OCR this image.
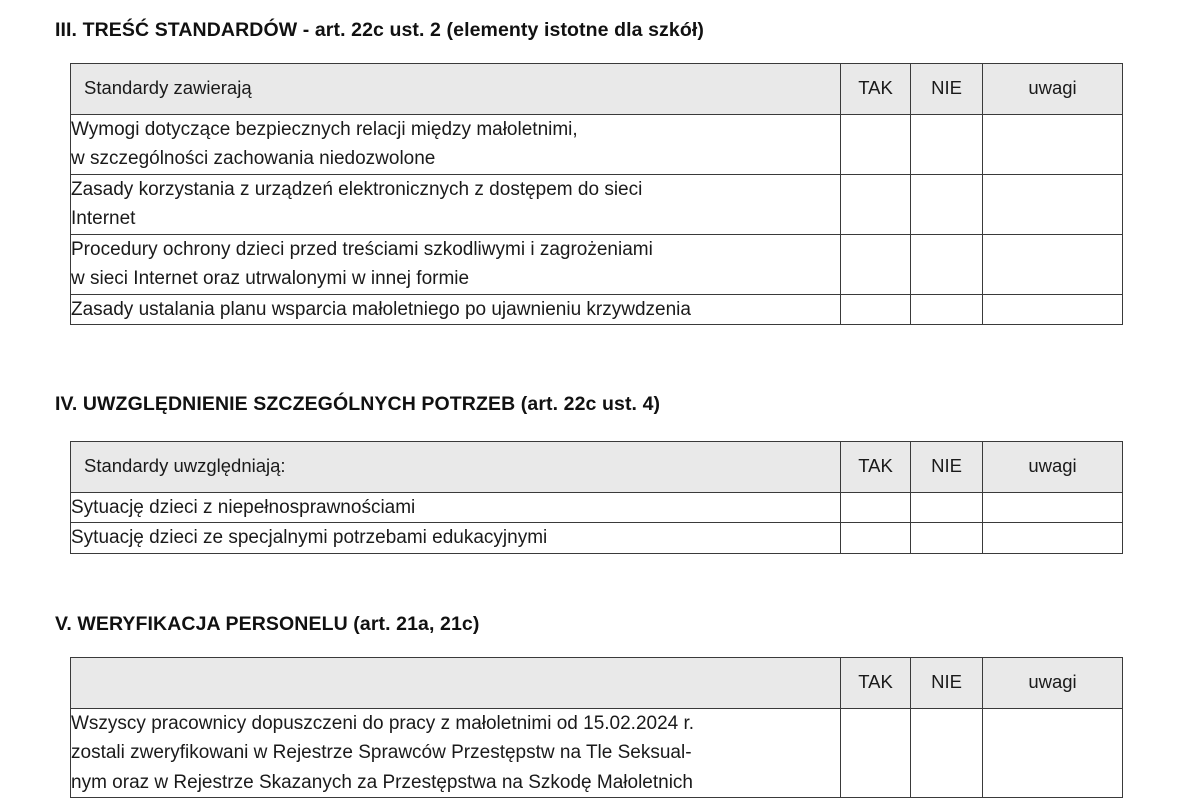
III. TREŚĆ STANDARDÓW - art. 22c ust. 2 (elementy istotne dla szkół)
Standardy zawierają	TAK	NIE	uwagi

Wymogi dotyczące bezpiecznych relacji między małoletnimi,
w szczególności zachowania niedozwolone			

Zasady korzystania z urządzeń elektronicznych z dostępem do sieci
Internet			

Procedury ochrony dzieci przed treściami szkodliwymi i zagrożeniami
w sieci Internet oraz utrwalonymi w innej formie			

Zasady ustalania planu wsparcia małoletniego po ujawnieniu krzywdzenia			

IV. UWZGLĘDNIENIE SZCZEGÓLNYCH POTRZEB (art. 22c ust. 4)
Standardy uwzględniają:	TAK	NIE	uwagi

Sytuację dzieci z niepełnosprawnościami			

Sytuację dzieci ze specjalnymi potrzebami edukacyjnymi			

V. WERYFIKACJA PERSONELU (art. 21a, 21c)
	TAK	NIE	uwagi

Wszyscy pracownicy dopuszczeni do pracy z małoletnimi od 15.02.2024 r.
zostali zweryfikowani w Rejestrze Sprawców Przestępstw na Tle Seksual-
nym oraz w Rejestrze Skazanych za Przestępstwa na Szkodę Małoletnich			
